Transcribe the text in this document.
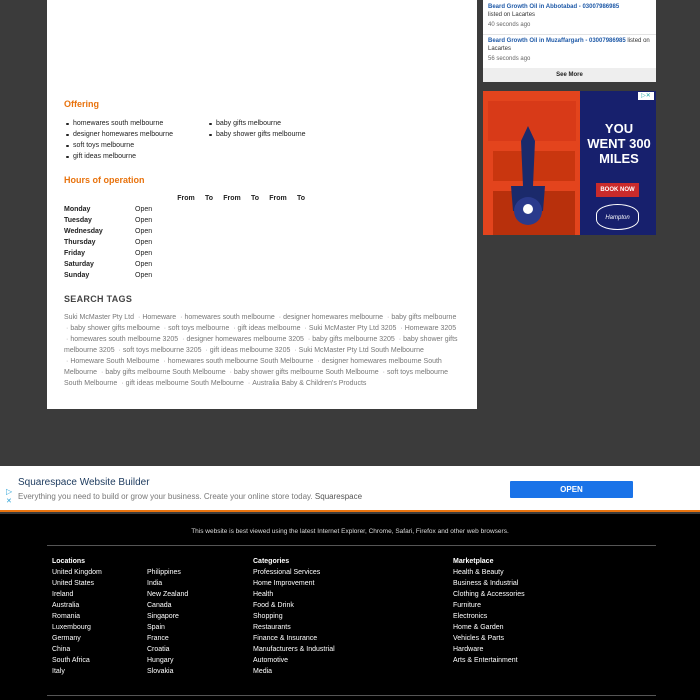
Offering
homewares south melbourne	baby gifts melbourne
designer homewares melbourne	baby shower gifts melbourne
soft toys melbourne
gift ideas melbourne
Hours of operation
		From	To	From	To	From	To
Monday	Open						
Tuesday	Open						
Wednesday	Open						
Thursday	Open						
Friday	Open						
Saturday	Open						
Sunday	Open						
SEARCH TAGS
Suki McMaster Pty Ltd · Homeware · homewares south melbourne · designer homewares melbourne · baby gifts melbourne · baby shower gifts melbourne · soft toys melbourne · gift ideas melbourne · Suki McMaster Pty Ltd 3205 · Homeware 3205 · homewares south melbourne 3205 · designer homewares melbourne 3205 · baby gifts melbourne 3205 · baby shower gifts melbourne 3205 · soft toys melbourne 3205 · gift ideas melbourne 3205 · Suki McMaster Pty Ltd South Melbourne · Homeware South Melbourne · homewares south melbourne South Melbourne · designer homewares melbourne South Melbourne · baby gifts melbourne South Melbourne · baby shower gifts melbourne South Melbourne · soft toys melbourne South Melbourne · gift ideas melbourne South Melbourne · Australia Baby & Children's Products
Beard Growth Oil in Abbotabad - 03007986985
listed on Lacartes
40 seconds ago
Beard Growth Oil in Muzaffargarh - 03007986985 listed on Lacartes
56 seconds ago
See More
YOU WENT 300 MILES
BOOK NOW
Hampton
▷✕
▷
✕
Squarespace Website Builder
Everything you need to build or grow your business. Create your online store today. Squarespace
OPEN
This website is best viewed using the latest Internet Explorer, Chrome, Safari, Firefox and other web browsers.
Locations
United Kingdom
United States
Ireland
Australia
Romania
Luxembourg
Germany
China
South Africa
Italy

Philippines
India
New Zealand
Canada
Singapore
Spain
France
Croatia
Hungary
Slovakia
Categories
Professional Services
Home Improvement
Health
Food & Drink
Shopping
Restaurants
Finance & Insurance
Manufacturers & Industrial
Automotive
Media
Marketplace
Health & Beauty
Business & Industrial
Clothing & Accessories
Furniture
Electronics
Home & Garden
Vehicles & Parts
Hardware
Arts & Entertainment
